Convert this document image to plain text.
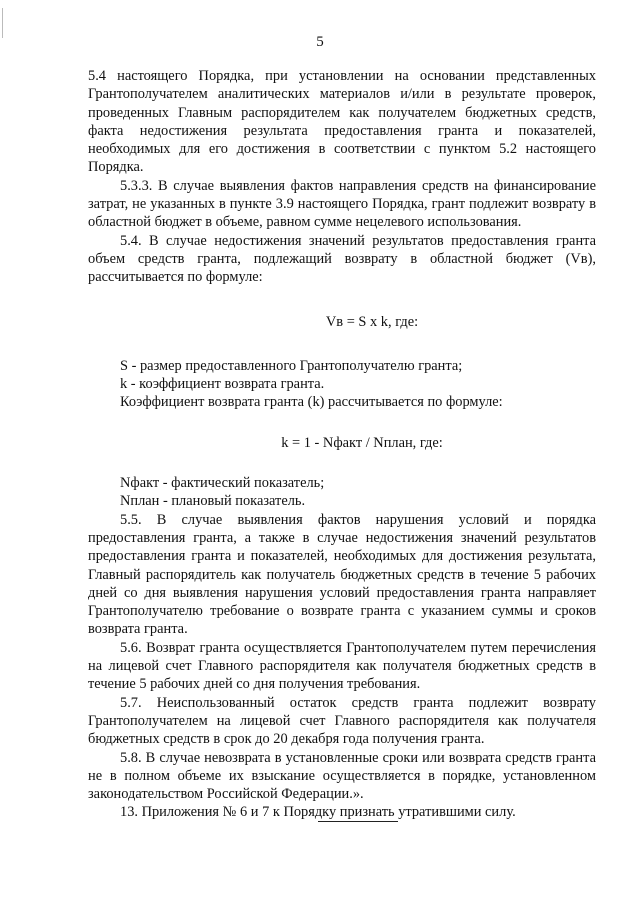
5

5.4 настоящего Порядка, при установлении на основании представленных Грантополучателем аналитических материалов и/или в результате проверок, проведенных Главным распорядителем как получателем бюджетных средств, факта недостижения результата предоставления гранта и показателей, необходимых для его достижения в соответствии с пунктом 5.2 настоящего Порядка.

5.3.3. В случае выявления фактов направления средств на финансирование затрат, не указанных в пункте 3.9 настоящего Порядка, грант подлежит возврату в областной бюджет в объеме, равном сумме нецелевого использования.

5.4. В случае недостижения значений результатов предоставления гранта объем средств гранта, подлежащий возврату в областной бюджет (Vв), рассчитывается по формуле:

Vв = S x k, где:

S - размер предоставленного Грантополучателю гранта;

k - коэффициент возврата гранта.

Коэффициент возврата гранта (k) рассчитывается по формуле:

k = 1 - Nфакт / Nплан, где:

Nфакт - фактический показатель;

Nплан - плановый показатель.

5.5. В случае выявления фактов нарушения условий и порядка предоставления гранта, а также в случае недостижения значений результатов предоставления гранта и показателей, необходимых для достижения результата, Главный распорядитель как получатель бюджетных средств в течение 5 рабочих дней со дня выявления нарушения условий предоставления гранта направляет Грантополучателю требование о возврате гранта с указанием суммы и сроков возврата гранта.

5.6. Возврат гранта осуществляется Грантополучателем путем перечисления на лицевой счет Главного распорядителя как получателя бюджетных средств в течение 5 рабочих дней со дня получения требования.

5.7. Неиспользованный остаток средств гранта подлежит возврату Грантополучателем на лицевой счет Главного распорядителя как получателя бюджетных средств в срок до 20 декабря года получения гранта.

5.8. В случае невозврата в установленные сроки или возврата средств гранта не в полном объеме их взыскание осуществляется в порядке, установленном законодательством Российской Федерации.».

13. Приложения № 6 и 7 к Порядку признать утратившими силу.
